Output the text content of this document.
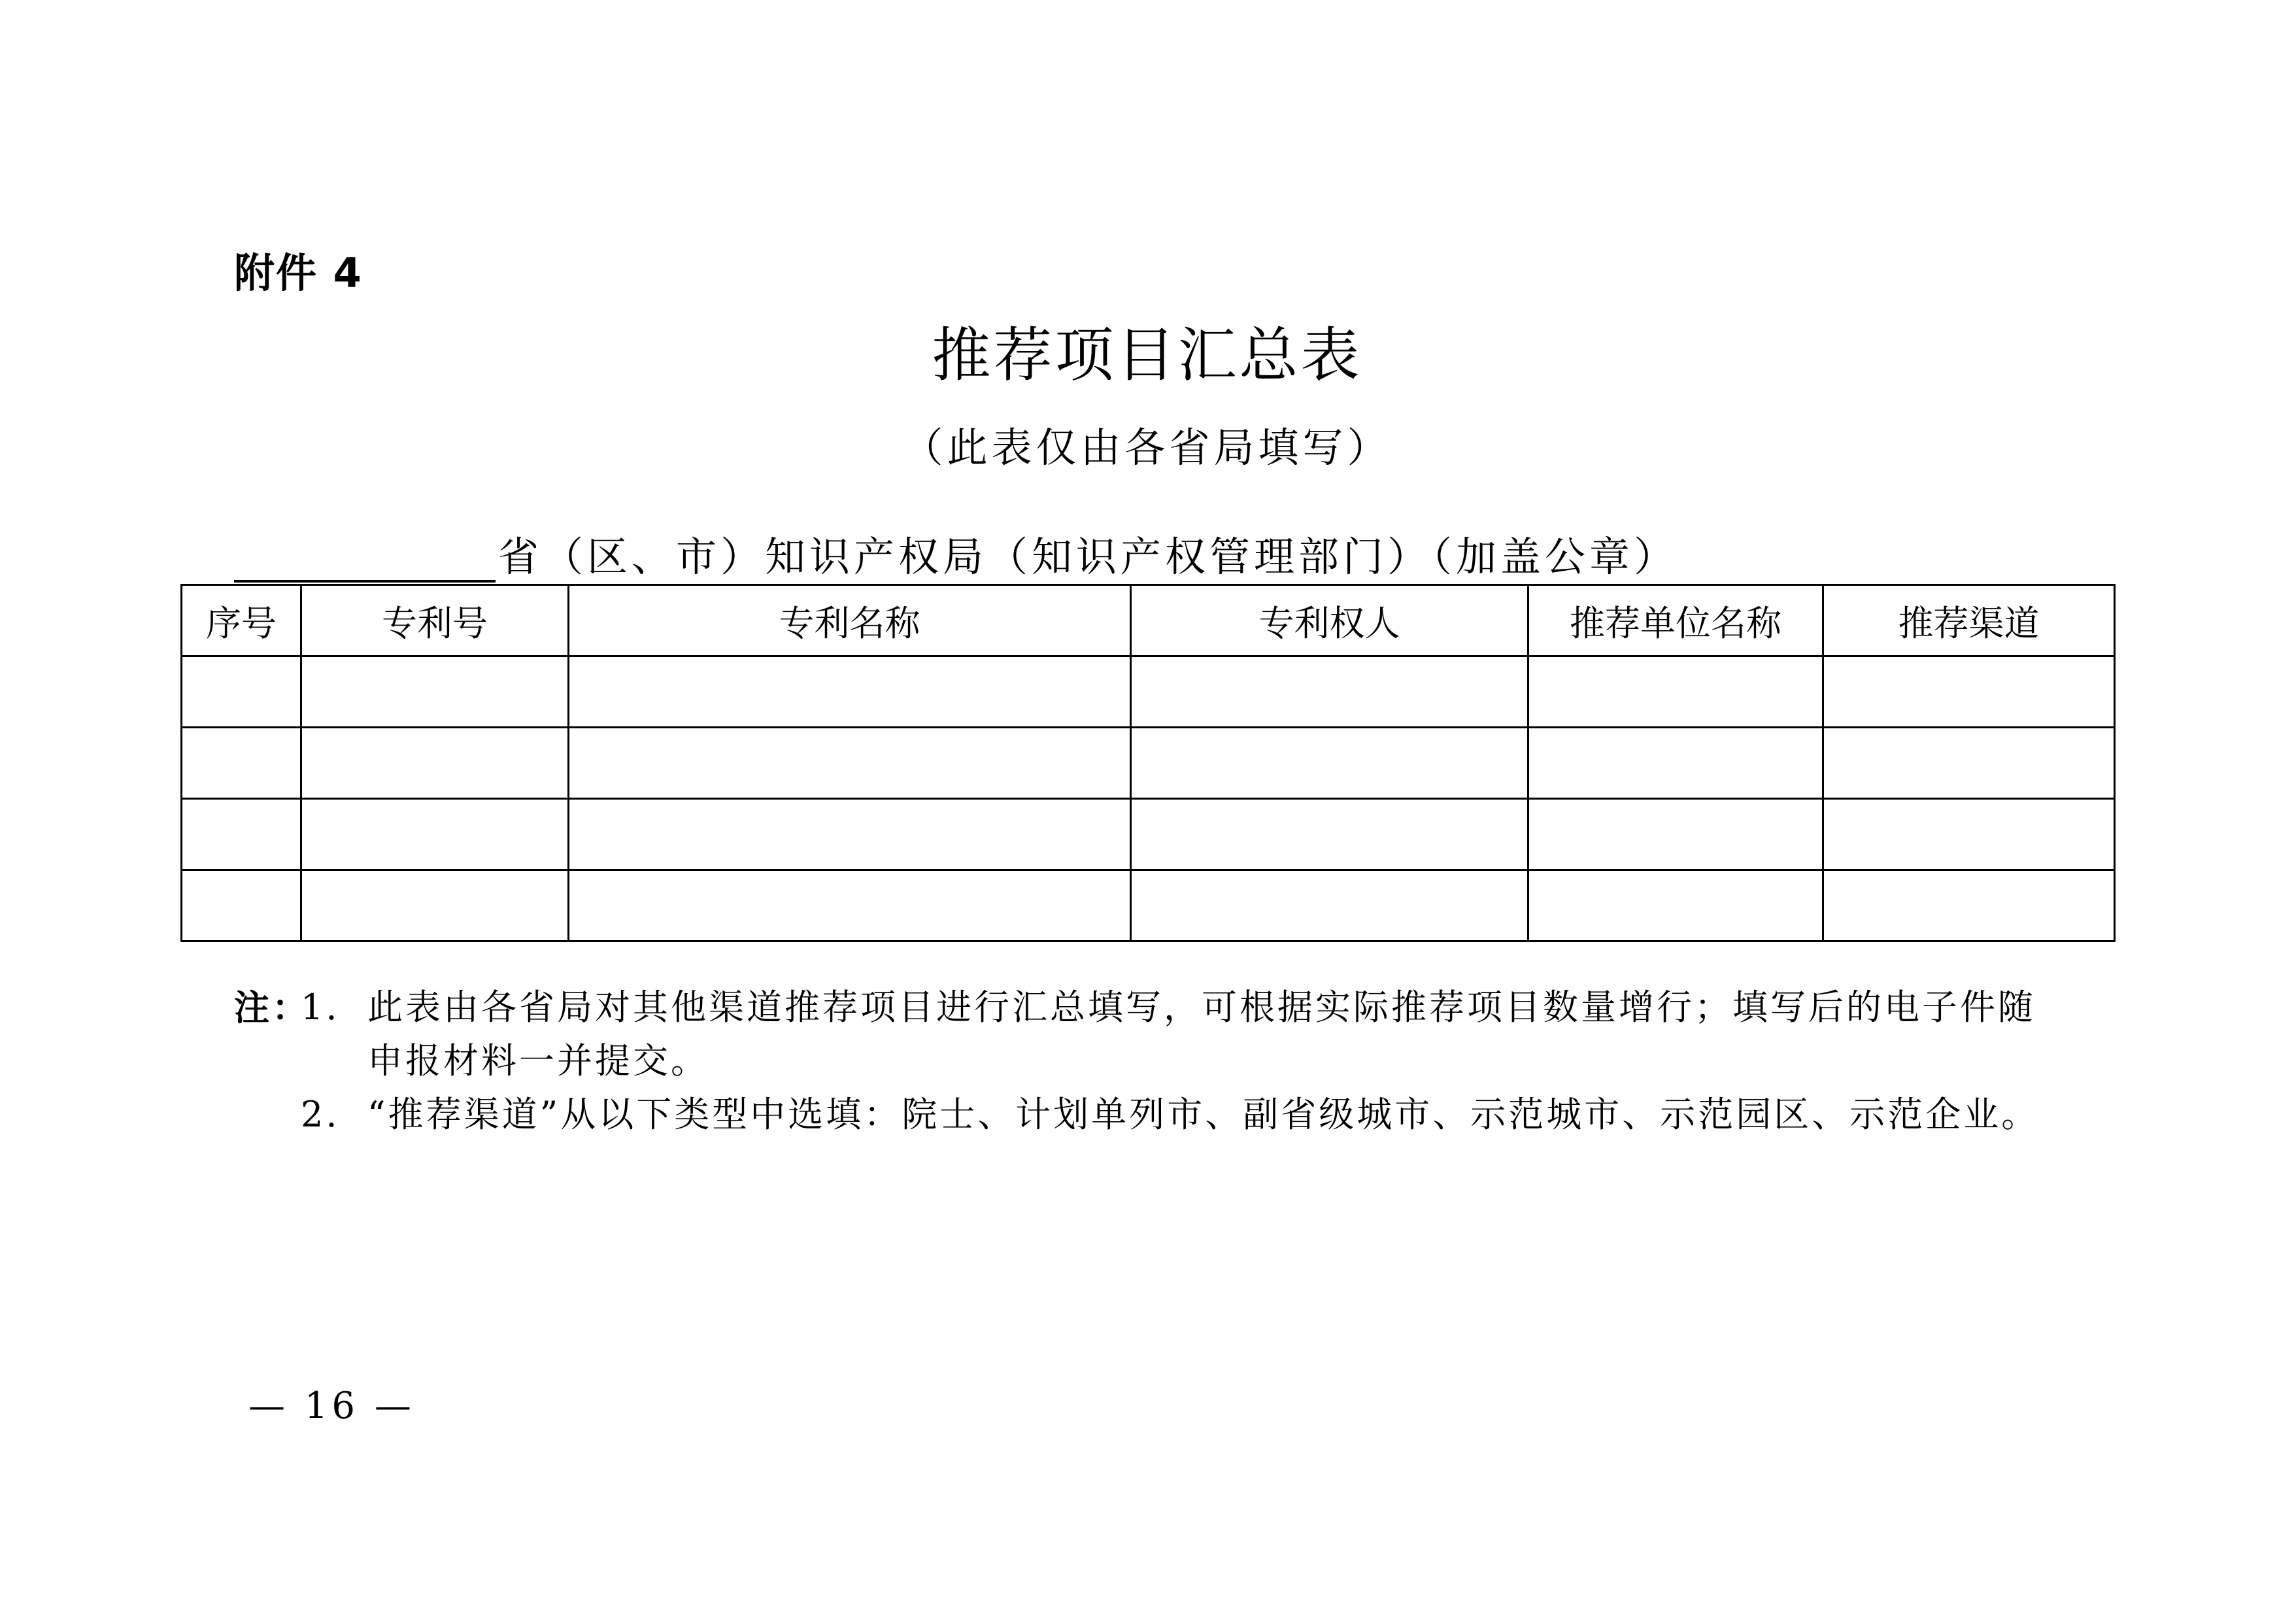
附件 4
推荐项目汇总表
（此表仅由各省局填写）
省（区、市）知识产权局（知识产权管理部门）（加盖公章）
序号	专利号	专利名称	专利权人	推荐单位名称	推荐渠道

注：
1. 此表由各省局对其他渠道推荐项目进行汇总填写，可根据实际推荐项目数量增行；填写后的电子件随
申报材料一并提交。
2. “推荐渠道”从以下类型中选填：院士、计划单列市、副省级城市、示范城市、示范园区、示范企业。
— 16 —
